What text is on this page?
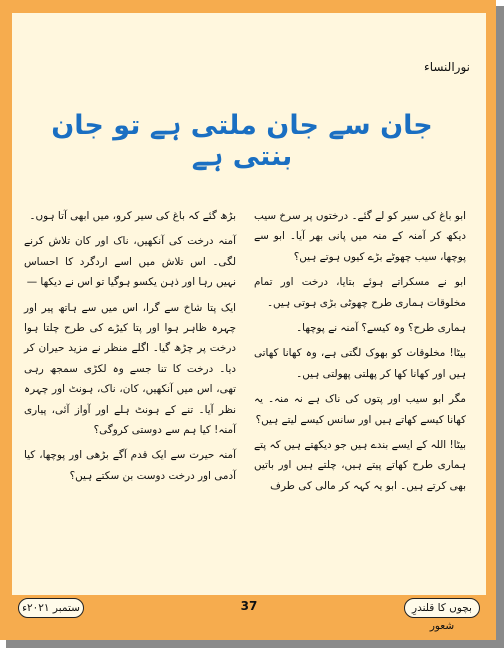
نورالنساء
جان سے جان ملتی ہے تو جان بنتی ہے

ابو باغ کی سیر کو لے گئے۔ درختوں پر سرخ سیب دیکھ کر آمنہ کے منہ میں پانی بھر آیا۔ ابو سے پوچھا، سیب چھوٹے بڑے کیوں ہوتے ہیں؟

ابو نے مسکراتے ہوئے بتایا، درخت اور تمام مخلوقات ہماری طرح چھوٹی بڑی ہوتی ہیں۔

ہماری طرح؟ وہ کیسے؟ آمنہ نے پوچھا۔

بیٹا! مخلوقات کو بھوک لگتی ہے، وہ کھانا کھاتی ہیں اور کھانا کھا کر پھلتی پھولتی ہیں۔

مگر ابو سیب اور پتوں کی ناک ہے نہ منہ۔ یہ کھانا کیسے کھاتے ہیں اور سانس کیسے لیتے ہیں؟

بیٹا! اللہ کے ایسے بندے ہیں جو دیکھتے ہیں کہ پتے ہماری طرح کھاتے پیتے ہیں، چلتے ہیں اور باتیں بھی کرتے ہیں۔ ابو یہ کہہ کر مالی کی طرف

بڑھ گئے کہ باغ کی سیر کرو، میں ابھی آتا ہوں۔

آمنہ درخت کی آنکھیں، ناک اور کان تلاش کرنے لگی۔ اس تلاش میں اسے اردگرد کا احساس نہیں رہا اور ذہن یکسو ہوگیا تو اس نے دیکھا —

ایک پتا شاخ سے گرا، اس میں سے ہاتھ پیر اور چہرہ ظاہر ہوا اور پتا کیڑے کی طرح چلتا ہوا درخت پر چڑھ گیا۔ اگلے منظر نے مزید حیران کر دیا۔ درخت کا تنا جسے وہ لکڑی سمجھ رہی تھی، اس میں آنکھیں، کان، ناک، ہونٹ اور چہرہ نظر آیا۔ تنے کے ہونٹ ہلے اور آواز آئی، پیاری آمنہ! کیا ہم سے دوستی کروگی؟

آمنہ حیرت سے ایک قدم آگے بڑھی اور پوچھا، کیا آدمی اور درخت دوست بن سکتے ہیں؟

بچوں کا قلندرِ شعور
37
ستمبر ۲۰۲۱ء
